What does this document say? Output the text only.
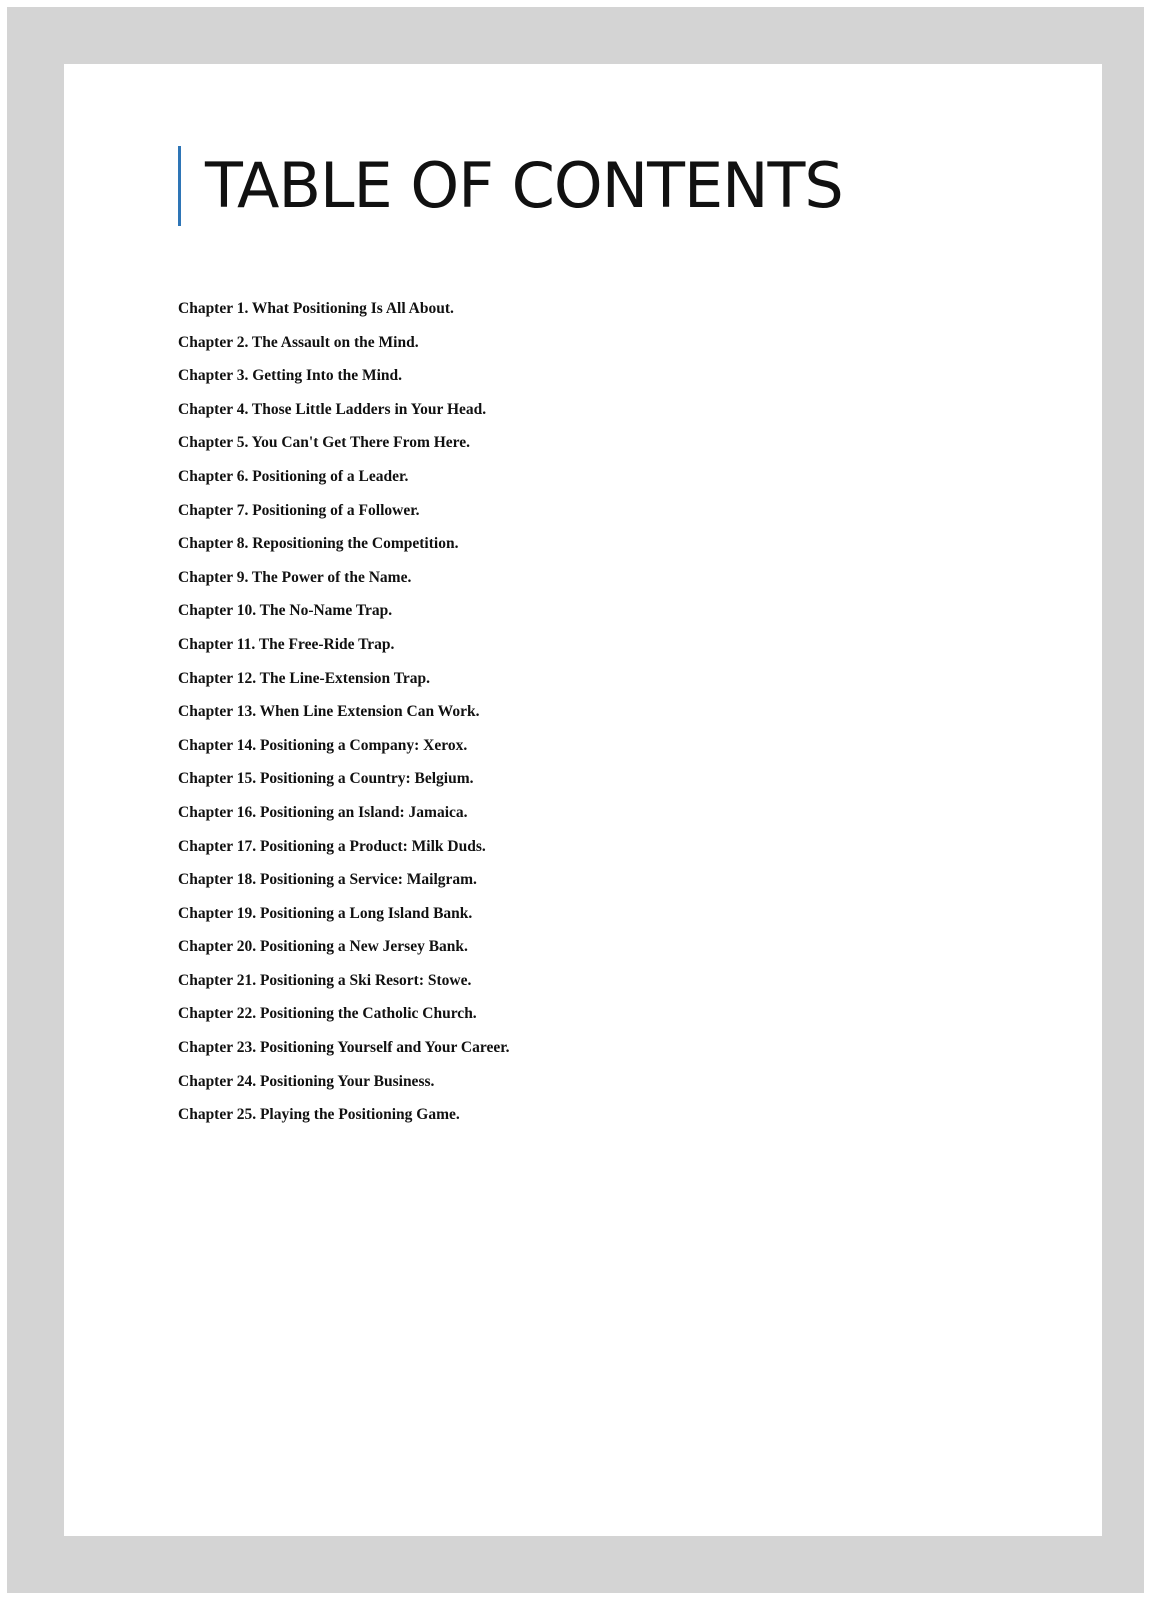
TABLE OF CONTENTS
Chapter 1. What Positioning Is All About.
Chapter 2. The Assault on the Mind.
Chapter 3. Getting Into the Mind.
Chapter 4. Those Little Ladders in Your Head.
Chapter 5. You Can't Get There From Here.
Chapter 6. Positioning of a Leader.
Chapter 7. Positioning of a Follower.
Chapter 8. Repositioning the Competition.
Chapter 9. The Power of the Name.
Chapter 10. The No-Name Trap.
Chapter 11. The Free-Ride Trap.
Chapter 12. The Line-Extension Trap.
Chapter 13. When Line Extension Can Work.
Chapter 14. Positioning a Company: Xerox.
Chapter 15. Positioning a Country: Belgium.
Chapter 16. Positioning an Island: Jamaica.
Chapter 17. Positioning a Product: Milk Duds.
Chapter 18. Positioning a Service: Mailgram.
Chapter 19. Positioning a Long Island Bank.
Chapter 20. Positioning a New Jersey Bank.
Chapter 21. Positioning a Ski Resort: Stowe.
Chapter 22. Positioning the Catholic Church.
Chapter 23. Positioning Yourself and Your Career.
Chapter 24. Positioning Your Business.
Chapter 25. Playing the Positioning Game.
